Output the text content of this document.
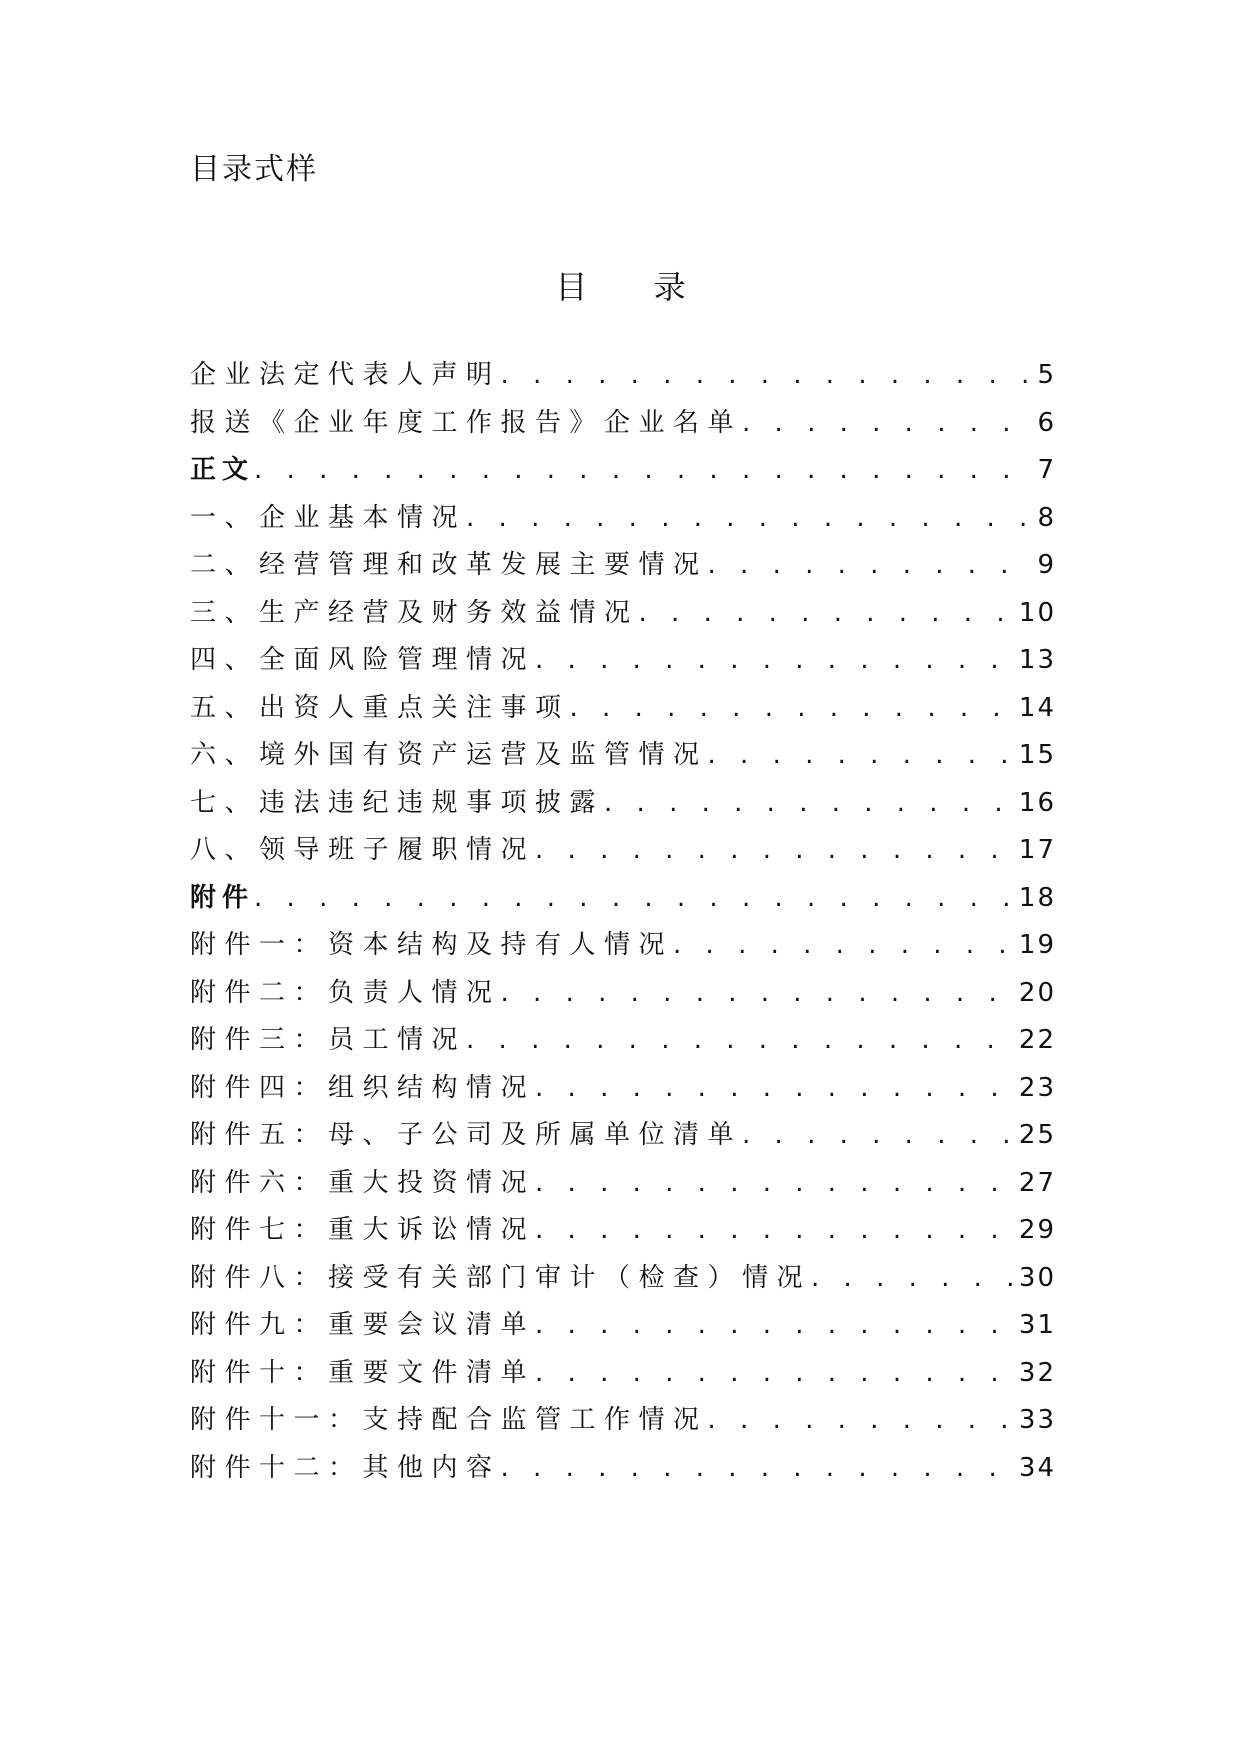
目录式样
目 录
企业法定代表人声明 . . .	5
报送《企业年度工作报告》企业名单 . . .	6
正文 . . .	7
一、企业基本情况 . . .	8
二、经营管理和改革发展主要情况 . . .	9
三、生产经营及财务效益情况 . . .	10
四、全面风险管理情况 . . .	13
五、出资人重点关注事项 . . .	14
六、境外国有资产运营及监管情况 . . .	15
七、违法违纪违规事项披露 . . .	16
八、领导班子履职情况 . . .	17
附件 . . .	18
附件一：资本结构及持有人情况 . . .	19
附件二：负责人情况 . . .	20
附件三：员工情况 . . .	22
附件四：组织结构情况 . . .	23
附件五：母、子公司及所属单位清单 . . .	25
附件六：重大投资情况 . . .	27
附件七：重大诉讼情况 . . .	29
附件八：接受有关部门审计（检查）情况 . . .	30
附件九：重要会议清单 . . .	31
附件十：重要文件清单 . . .	32
附件十一：支持配合监管工作情况 . . .	33
附件十二：其他内容 . . .	34
